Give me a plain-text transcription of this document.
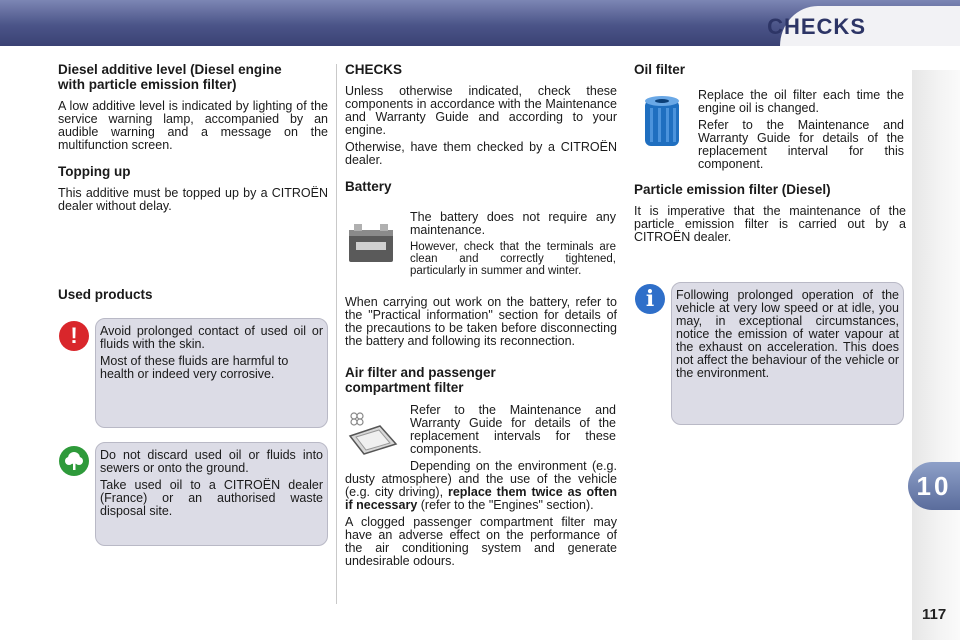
CHECKS
10
117
Diesel additive level (Diesel engine with particle emission filter)

A low additive level is indicated by lighting of the service warning lamp, accompanied by an audible warning and a message on the multifunction screen.

Topping up

This additive must be topped up by a CITROËN dealer without delay.

Used products
!	Avoid prolonged contact of used oil or fluids with the skin.

Most of these fluids are harmful to health or indeed very corrosive.

Do not discard used oil or fluids into sewers or onto the ground.

Take used oil to a CITROËN dealer (France) or an authorised waste disposal site.

CHECKS

Unless otherwise indicated, check these components in accordance with the Maintenance and Warranty Guide and according to your engine.

Otherwise, have them checked by a CITROËN dealer.

Battery

The battery does not require any maintenance.

However, check that the terminals are clean and correctly tightened, particularly in summer and winter.

When carrying out work on the battery, refer to the "Practical information" section for details of the precautions to be taken before disconnecting the battery and following its reconnection.

Air filter and passenger compartment filter

Refer to the Maintenance and Warranty Guide for details of the replacement intervals for these components.

Depending on the environment (e.g. dusty atmosphere) and the use of the vehicle (e.g. city driving), replace them twice as often if necessary (refer to the "Engines" section).

A clogged passenger compartment filter may have an adverse effect on the performance of the air conditioning system and generate undesirable odours.

Oil filter

Replace the oil filter each time the engine oil is changed.

Refer to the Maintenance and Warranty Guide for details of the replacement interval for this component.

Particle emission filter (Diesel)

It is imperative that the maintenance of the particle emission filter is carried out by a CITROËN dealer.

i	Following prolonged operation of the vehicle at very low speed or at idle, you may, in exceptional circumstances, notice the emission of water vapour at the exhaust on acceleration. This does not affect the behaviour of the vehicle or the environment.
